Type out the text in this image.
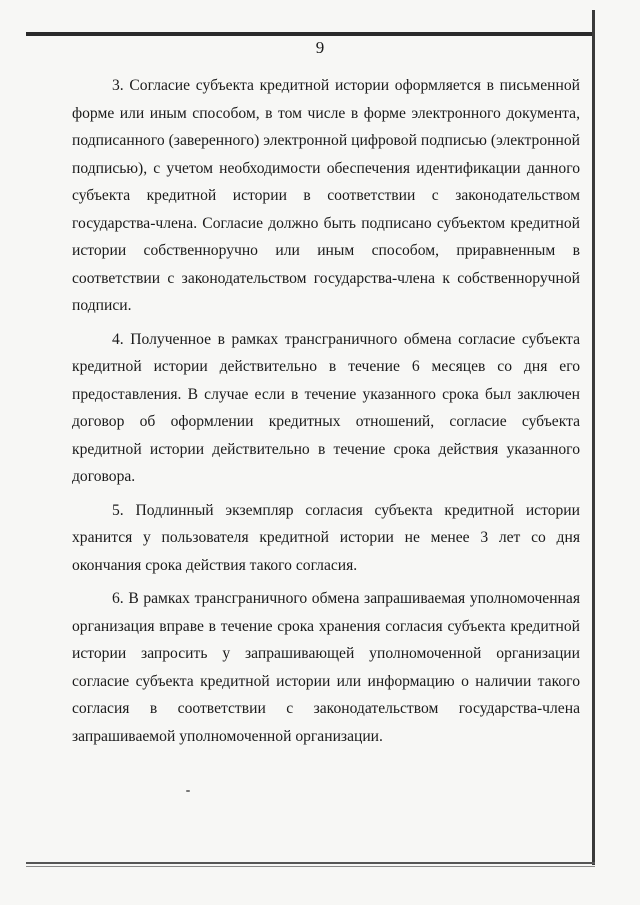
9

3. Согласие субъекта кредитной истории оформляется в письменной форме или иным способом, в том числе в форме электронного документа, подписанного (заверенного) электронной цифровой подписью (электронной подписью), с учетом необходимости обеспечения идентификации данного субъекта кредитной истории в соответствии с законодательством государства-члена. Согласие должно быть подписано субъектом кредитной истории собственноручно или иным способом, приравненным в соответствии с законодательством государства-члена к собственноручной подписи.

4. Полученное в рамках трансграничного обмена согласие субъекта кредитной истории действительно в течение 6 месяцев со дня его предоставления. В случае если в течение указанного срока был заключен договор об оформлении кредитных отношений, согласие субъекта кредитной истории действительно в течение срока действия указанного договора.

5. Подлинный экземпляр согласия субъекта кредитной истории хранится у пользователя кредитной истории не менее 3 лет со дня окончания срока действия такого согласия.

6. В рамках трансграничного обмена запрашиваемая уполномоченная организация вправе в течение срока хранения согласия субъекта кредитной истории запросить у запрашивающей уполномоченной организации согласие субъекта кредитной истории или информацию о наличии такого согласия в соответствии с законодательством государства-члена запрашиваемой уполномоченной организации.
